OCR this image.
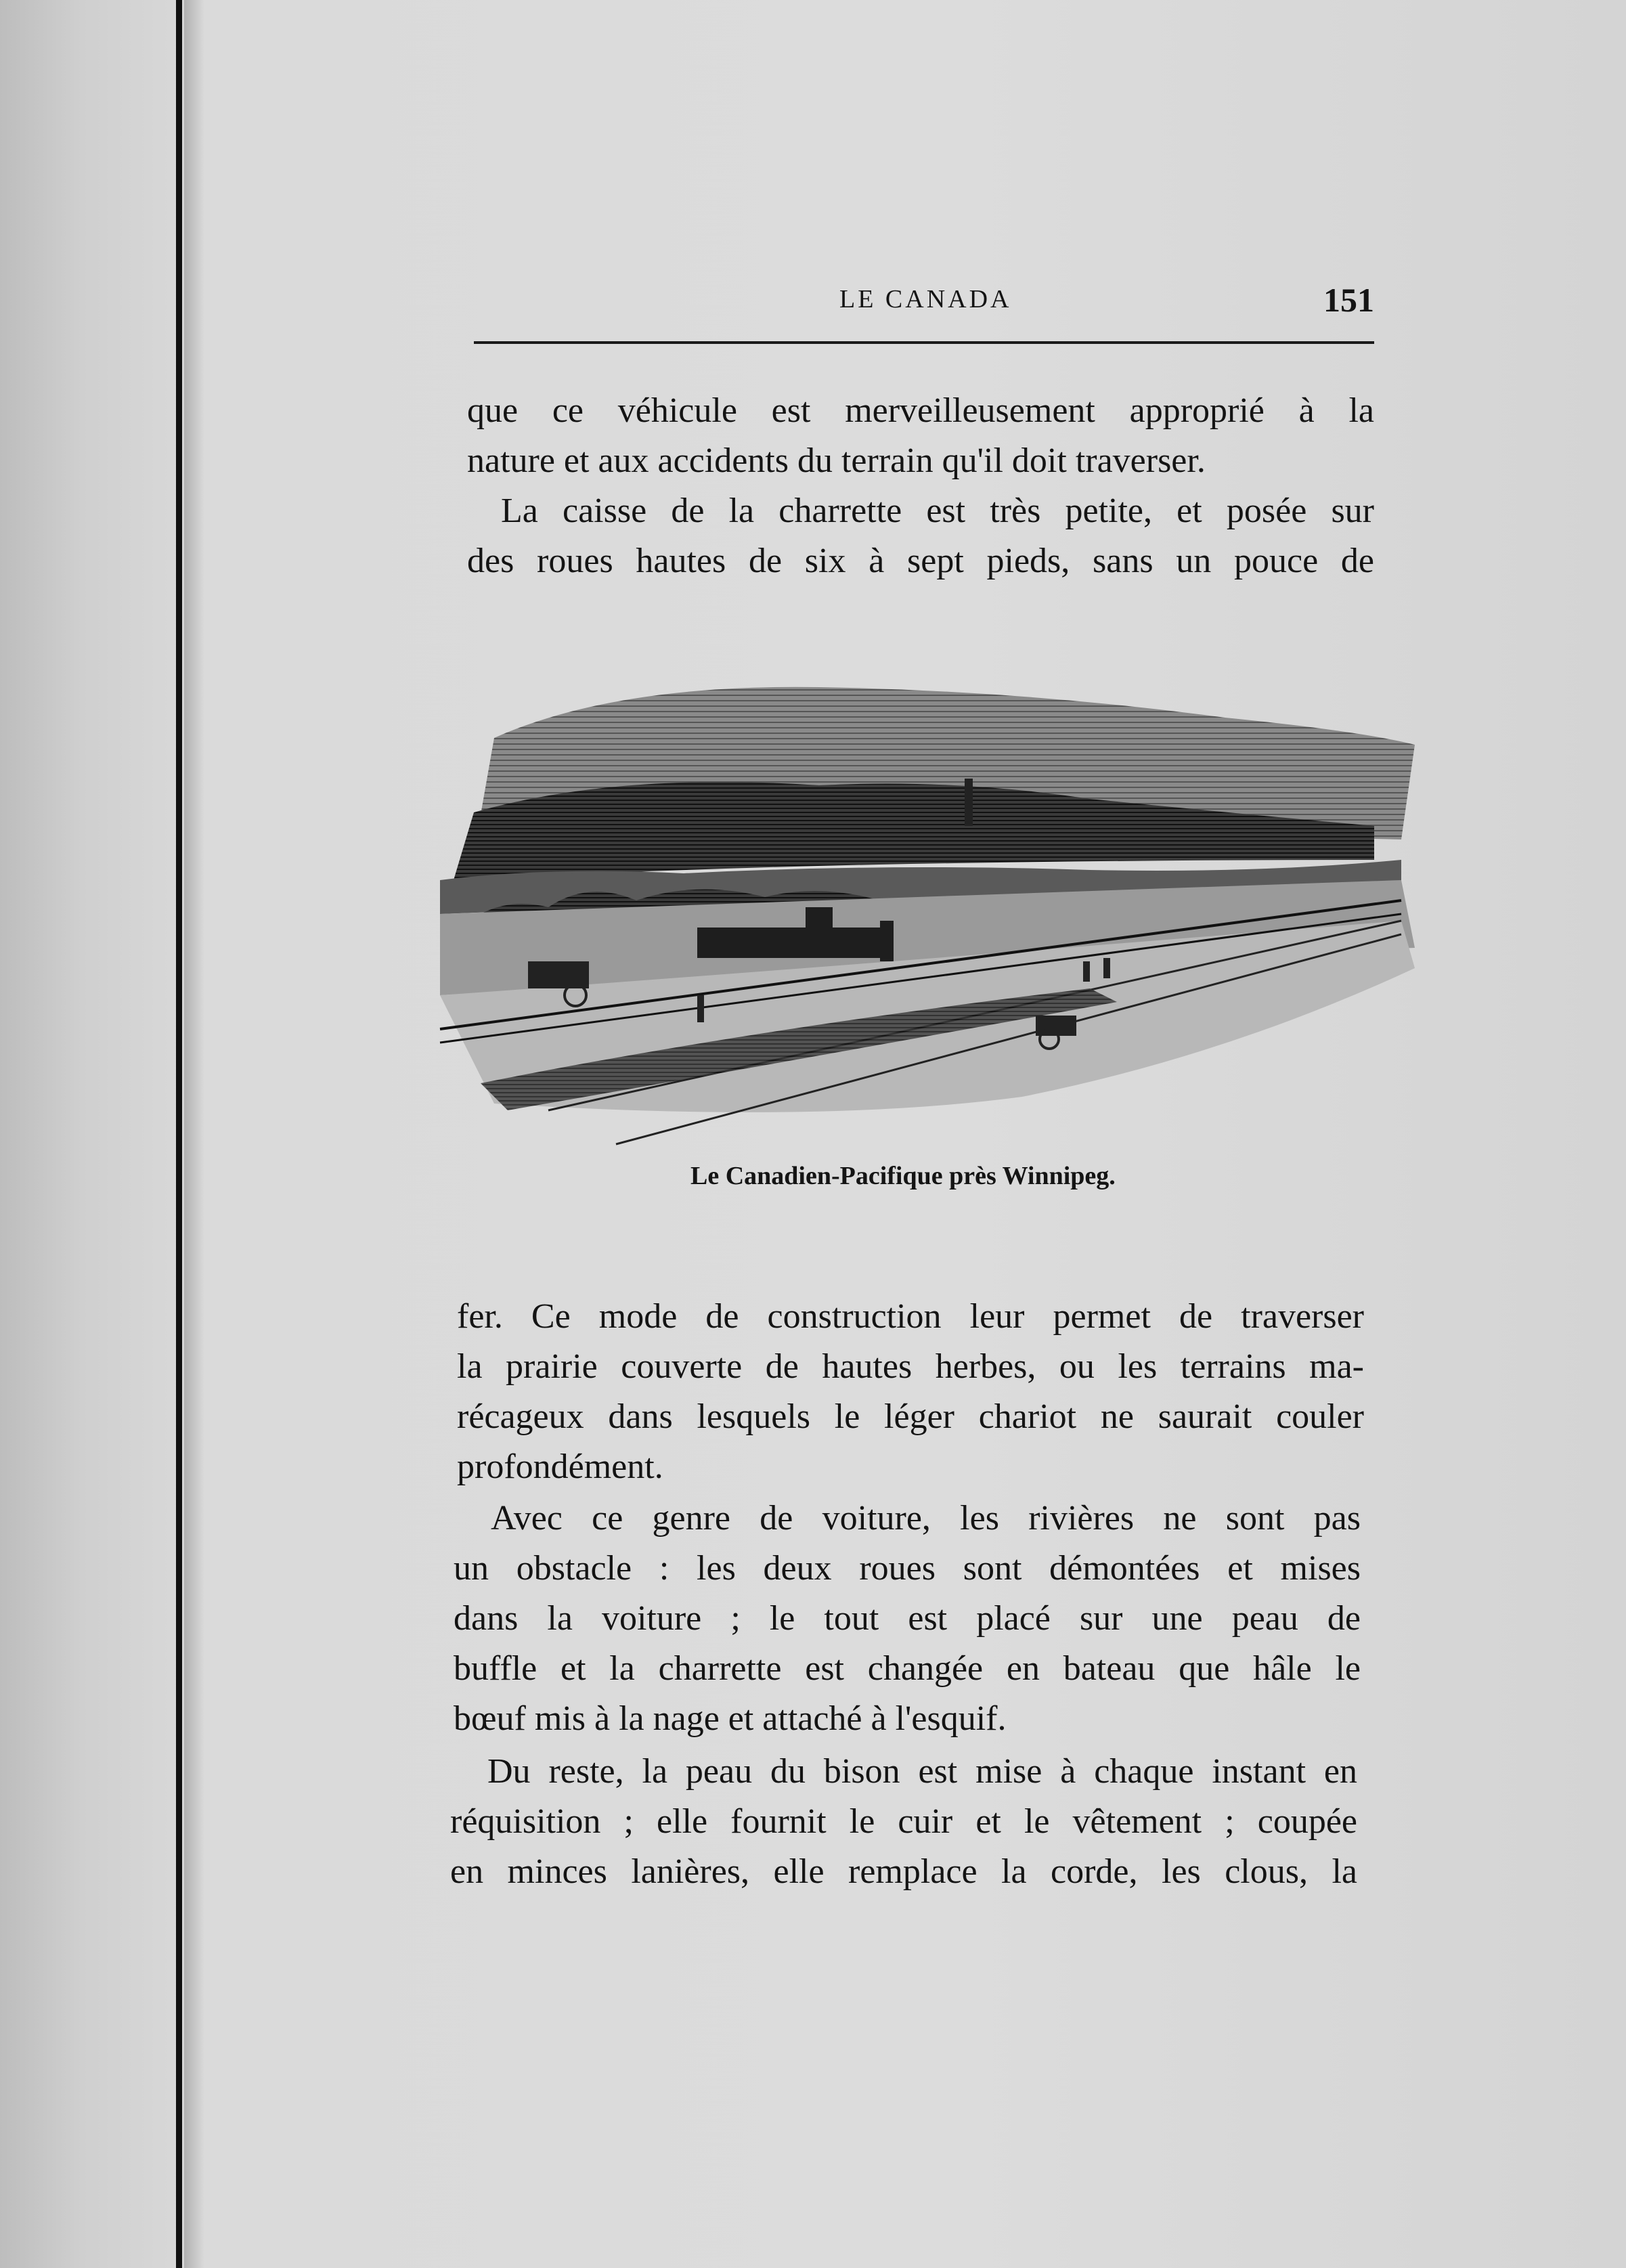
LE CANADA	151
que ce véhicule est merveilleusement approprié à la
nature et aux accidents du terrain qu'il doit traverser.
La caisse de la charrette est très petite, et posée sur
des roues hautes de six à sept pieds, sans un pouce de
Le Canadien-Pacifique près Winnipeg.
fer. Ce mode de construction leur permet de traverser
la prairie couverte de hautes herbes, ou les terrains ma-
récageux dans lesquels le léger chariot ne saurait couler
profondément.
Avec ce genre de voiture, les rivières ne sont pas
un obstacle : les deux roues sont démontées et mises
dans la voiture ; le tout est placé sur une peau de
buffle et la charrette est changée en bateau que hâle le
bœuf mis à la nage et attaché à l'esquif.
Du reste, la peau du bison est mise à chaque instant en
réquisition ; elle fournit le cuir et le vêtement ; coupée
en minces lanières, elle remplace la corde, les clous, la
